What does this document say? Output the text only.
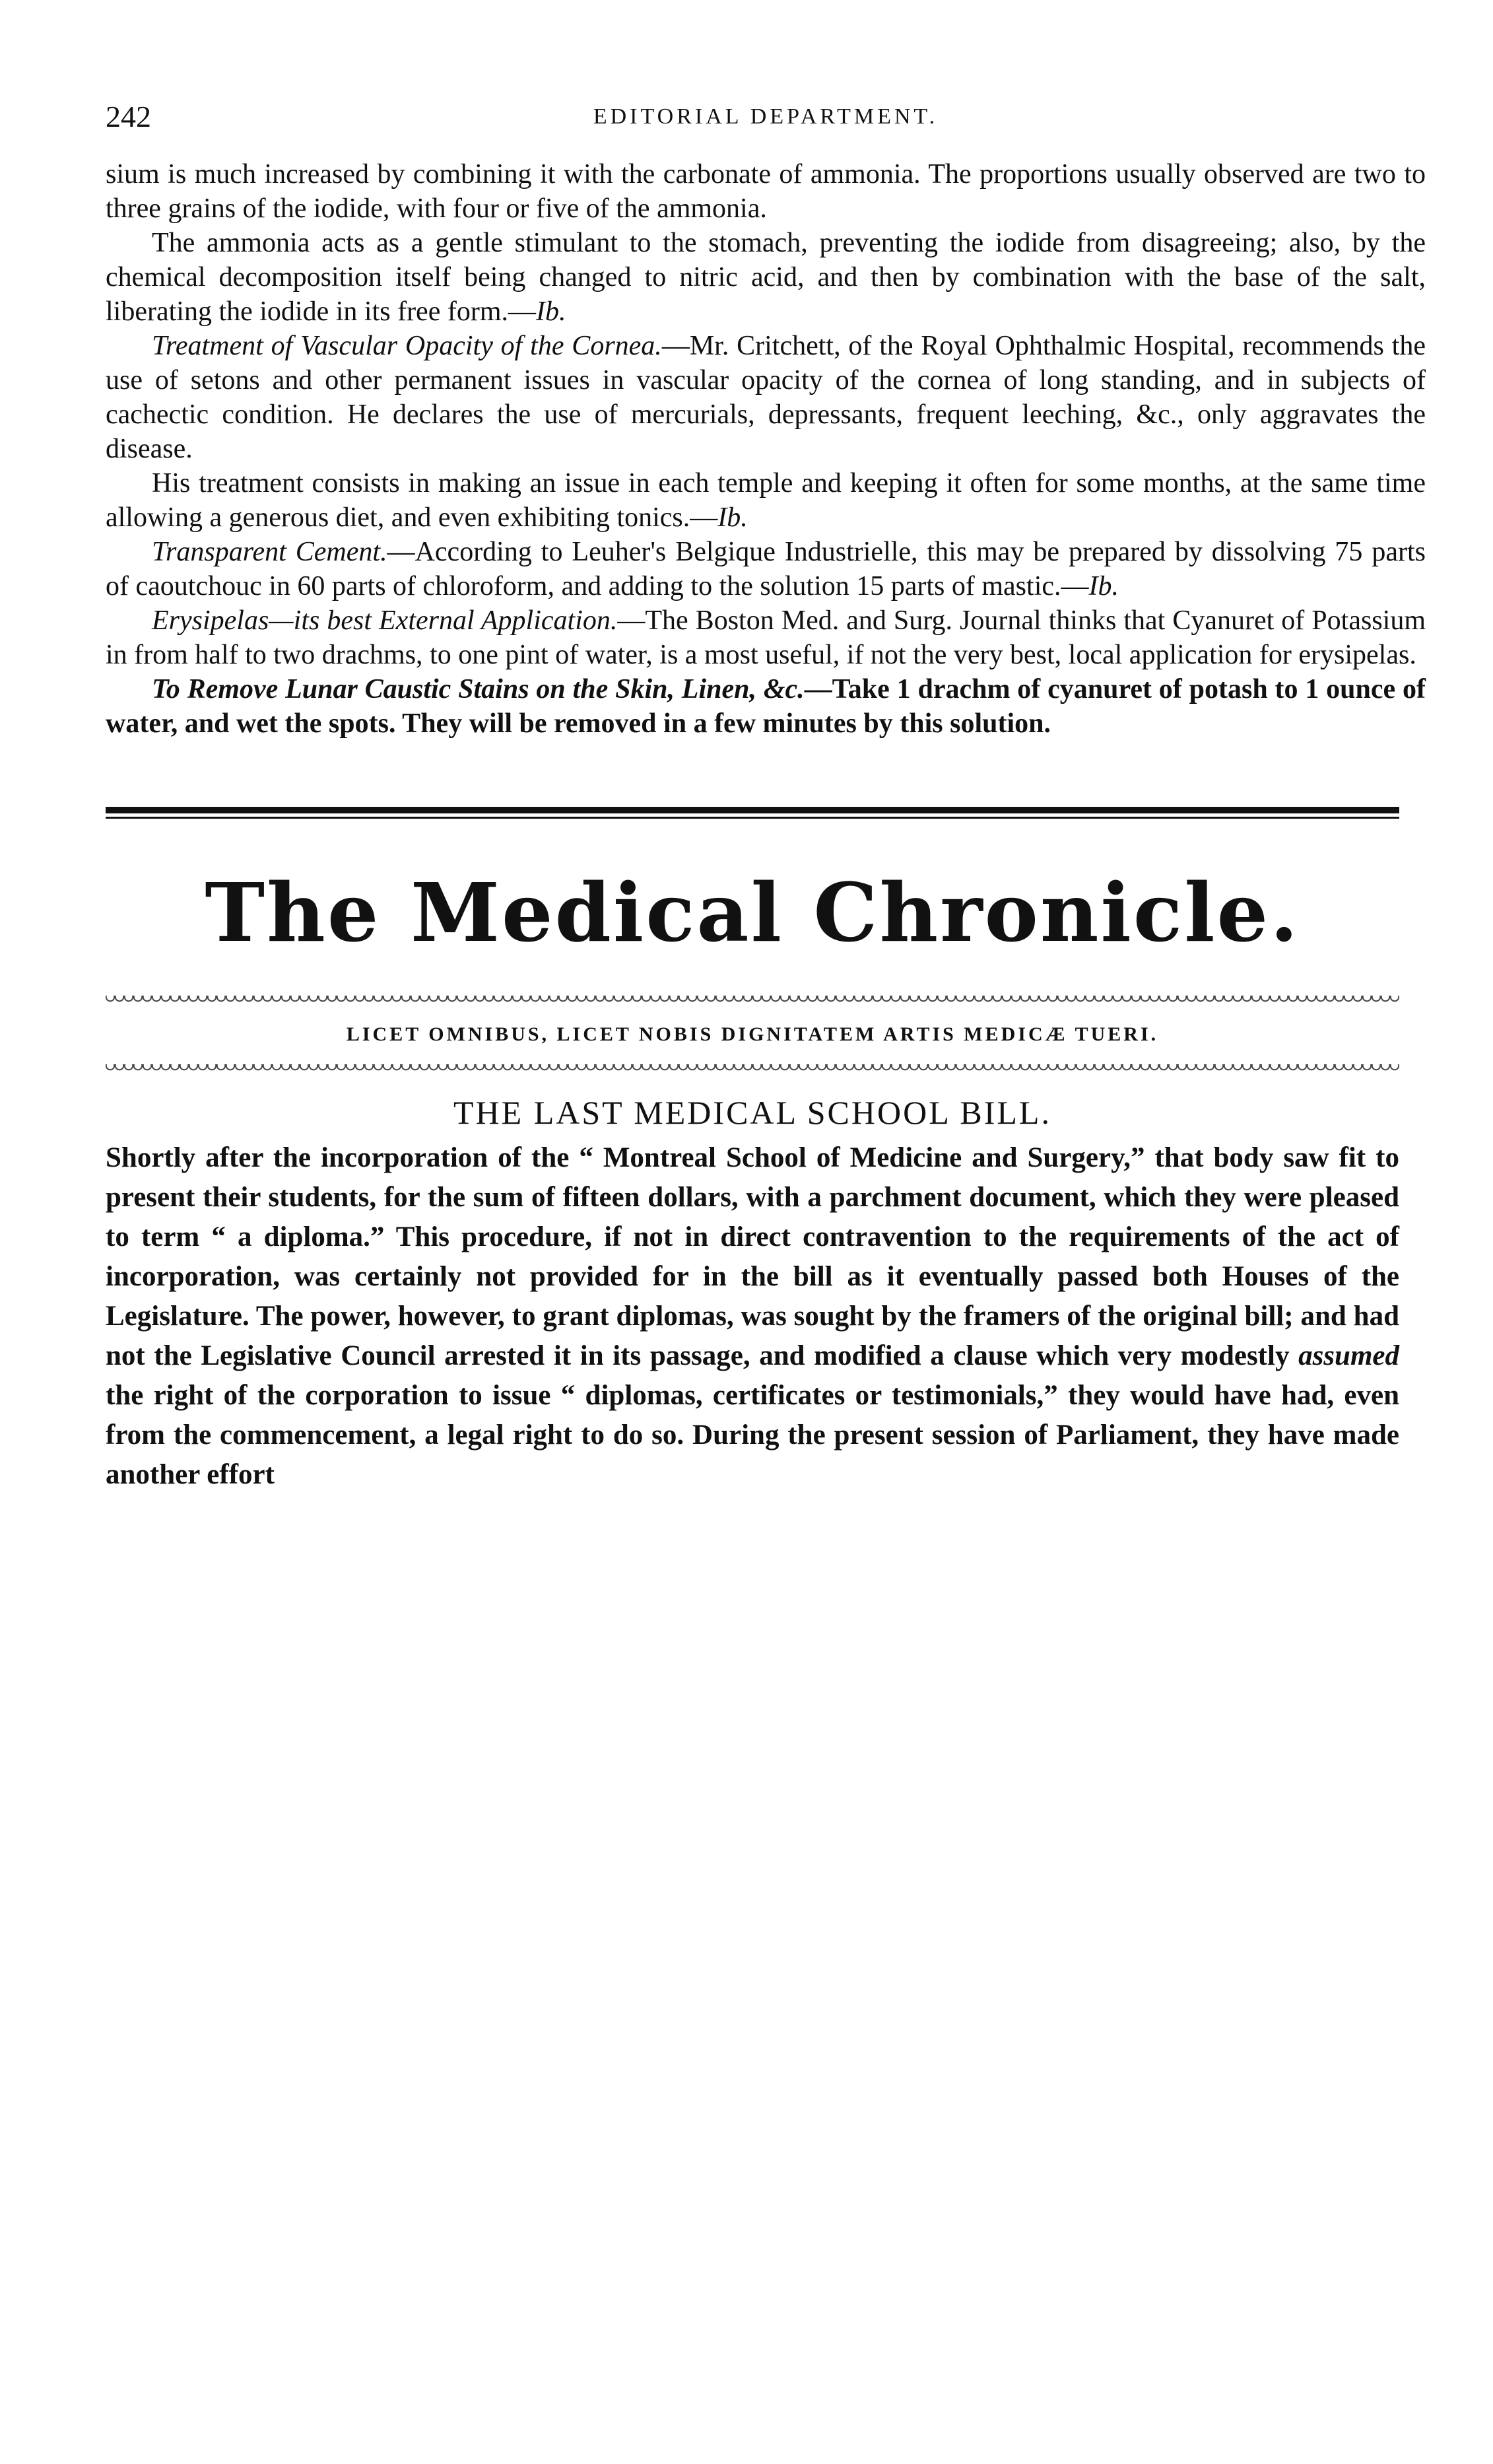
242	EDITORIAL DEPARTMENT.

sium is much increased by combining it with the carbonate of ammonia. The proportions usually observed are two to three grains of the iodide, with four or five of the ammonia.

The ammonia acts as a gentle stimulant to the stomach, preventing the iodide from disagreeing; also, by the chemical decomposition itself being changed to nitric acid, and then by combination with the base of the salt, liberating the iodide in its free form.—Ib.

Treatment of Vascular Opacity of the Cornea.—Mr. Critchett, of the Royal Ophthalmic Hospital, recommends the use of setons and other permanent issues in vascular opacity of the cornea of long standing, and in subjects of cachectic condition. He declares the use of mercurials, depressants, frequent leeching, &c., only aggravates the disease.

His treatment consists in making an issue in each temple and keeping it often for some months, at the same time allowing a generous diet, and even exhibiting tonics.—Ib.

Transparent Cement.—According to Leuher's Belgique Industrielle, this may be prepared by dissolving 75 parts of caoutchouc in 60 parts of chloroform, and adding to the solution 15 parts of mastic.—Ib.

Erysipelas—its best External Application.—The Boston Med. and Surg. Journal thinks that Cyanuret of Potassium in from half to two drachms, to one pint of water, is a most useful, if not the very best, local application for erysipelas.

To Remove Lunar Caustic Stains on the Skin, Linen, &c.—Take 1 drachm of cyanuret of potash to 1 ounce of water, and wet the spots. They will be removed in a few minutes by this solution.

The Medical Chronicle.
LICET OMNIBUS, LICET NOBIS DIGNITATEM ARTIS MEDICÆ TUERI.
THE LAST MEDICAL SCHOOL BILL.

Shortly after the incorporation of the “ Montreal School of Medicine and Surgery,” that body saw fit to present their students, for the sum of fifteen dollars, with a parchment document, which they were pleased to term “ a diploma.” This procedure, if not in direct contravention to the requirements of the act of incorporation, was certainly not provided for in the bill as it eventually passed both Houses of the Legislature. The power, however, to grant diplomas, was sought by the framers of the original bill; and had not the Legislative Council arrested it in its passage, and modified a clause which very modestly assumed the right of the corporation to issue “ diplomas, certificates or testimonials,” they would have had, even from the commencement, a legal right to do so. During the present session of Parliament, they have made another effort
